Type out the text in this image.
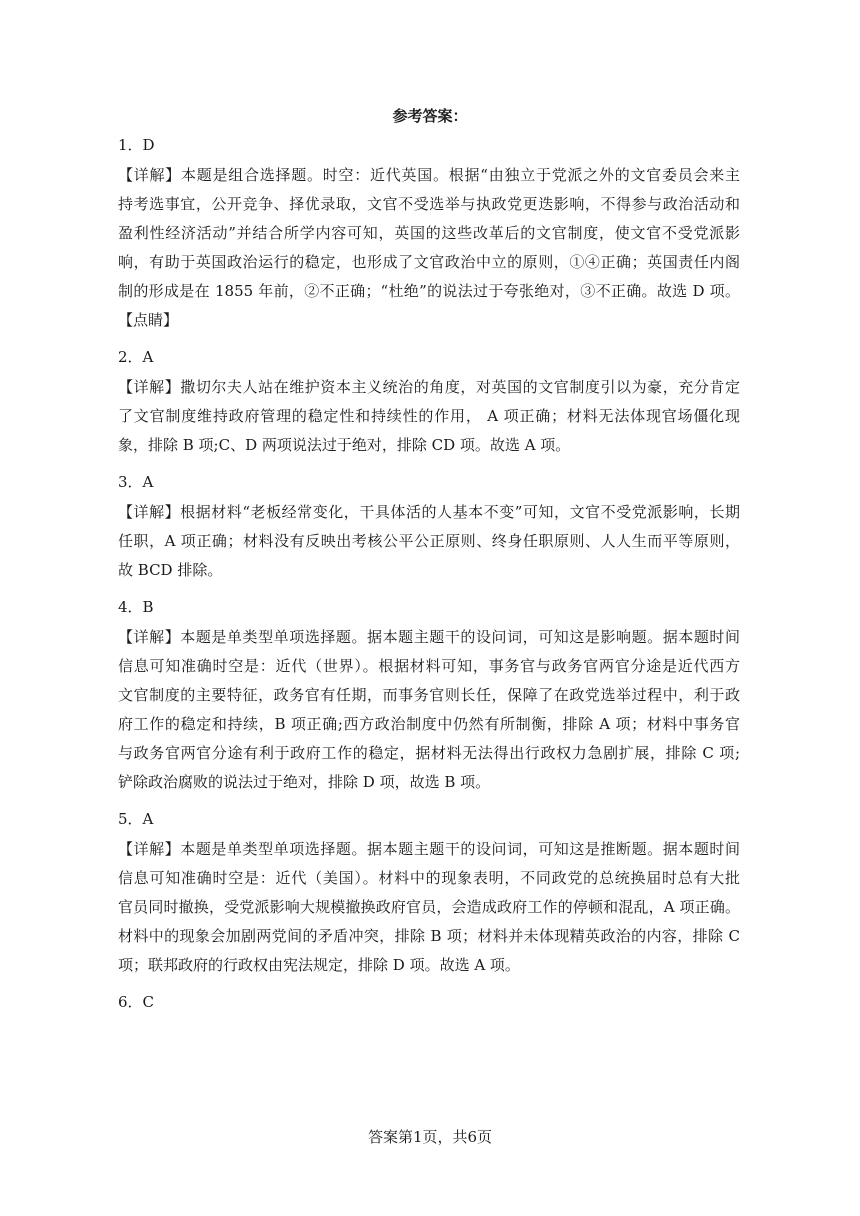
参考答案：
1．D
【详解】本题是组合选择题。时空：近代英国。根据“由独立于党派之外的文官委员会来主
持考选事宜，公开竞争、择优录取，文官不受选举与执政党更迭影响，不得参与政治活动和
盈利性经济活动”并结合所学内容可知，英国的这些改革后的文官制度，使文官不受党派影
响，有助于英国政治运行的稳定，也形成了文官政治中立的原则，①④正确；英国责任内阁
制的形成是在 1855 年前，②不正确；“杜绝”的说法过于夸张绝对，③不正确。故选 D 项。
【点睛】
2．A
【详解】撒切尔夫人站在维护资本主义统治的角度，对英国的文官制度引以为豪，充分肯定
了文官制度维持政府管理的稳定性和持续性的作用， A 项正确；材料无法体现官场僵化现
象，排除 B 项;C、D 两项说法过于绝对，排除 CD 项。故选 A 项。
3．A
【详解】根据材料“老板经常变化，干具体活的人基本不变”可知，文官不受党派影响，长期
任职，A 项正确；材料没有反映出考核公平公正原则、终身任职原则、人人生而平等原则，
故 BCD 排除。
4．B
【详解】本题是单类型单项选择题。据本题主题干的设问词，可知这是影响题。据本题时间
信息可知准确时空是：近代（世界）。根据材料可知，事务官与政务官两官分途是近代西方
文官制度的主要特征，政务官有任期，而事务官则长任，保障了在政党选举过程中，利于政
府工作的稳定和持续，B 项正确;西方政治制度中仍然有所制衡，排除 A 项；材料中事务官
与政务官两官分途有利于政府工作的稳定，据材料无法得出行政权力急剧扩展，排除 C 项;
铲除政治腐败的说法过于绝对，排除 D 项，故选 B 项。
5．A
【详解】本题是单类型单项选择题。据本题主题干的设问词，可知这是推断题。据本题时间
信息可知准确时空是：近代（美国）。材料中的现象表明，不同政党的总统换届时总有大批
官员同时撤换，受党派影响大规模撤换政府官员，会造成政府工作的停顿和混乱，A 项正确。
材料中的现象会加剧两党间的矛盾冲突，排除 B 项；材料并未体现精英政治的内容，排除 C
项；联邦政府的行政权由宪法规定，排除 D 项。故选 A 项。
6．C
答案第1页，共6页
